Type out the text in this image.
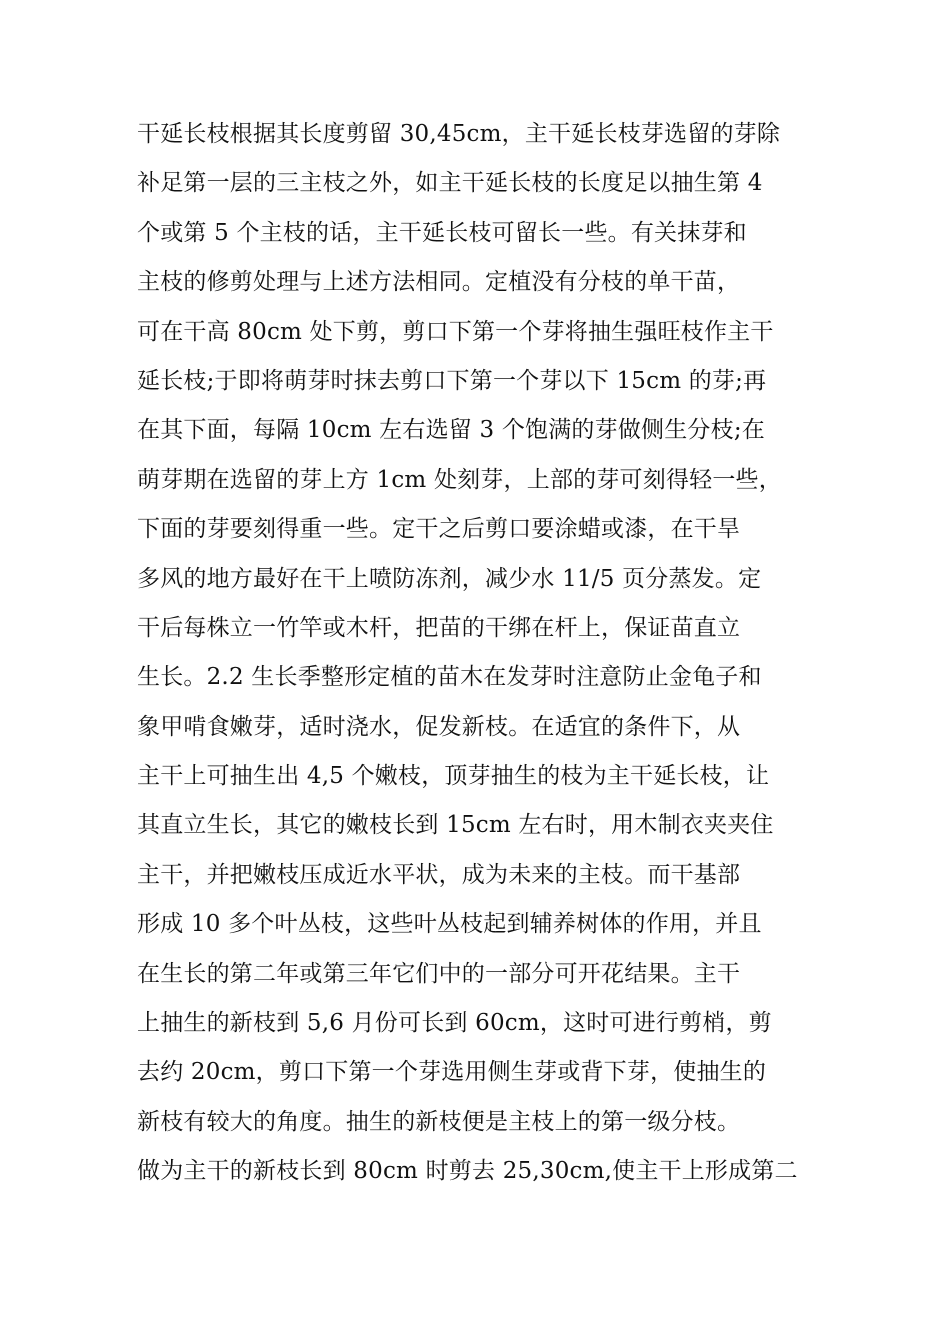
干延长枝根据其长度剪留 30,45cm，主干延长枝芽选留的芽除
补足第一层的三主枝之外，如主干延长枝的长度足以抽生第 4
个或第 5 个主枝的话，主干延长枝可留长一些。有关抹芽和
主枝的修剪处理与上述方法相同。定植没有分枝的单干苗，
可在干高 80cm 处下剪，剪口下第一个芽将抽生强旺枝作主干
延长枝;于即将萌芽时抹去剪口下第一个芽以下 15cm 的芽;再
在其下面，每隔 10cm 左右选留 3 个饱满的芽做侧生分枝;在
萌芽期在选留的芽上方 1cm 处刻芽，上部的芽可刻得轻一些，
下面的芽要刻得重一些。定干之后剪口要涂蜡或漆，在干旱
多风的地方最好在干上喷防冻剂，减少水 11/5 页分蒸发。定
干后每株立一竹竿或木杆，把苗的干绑在杆上，保证苗直立
生长。2.2 生长季整形定植的苗木在发芽时注意防止金龟子和
象甲啃食嫩芽，适时浇水，促发新枝。在适宜的条件下，从
主干上可抽生出 4,5 个嫩枝，顶芽抽生的枝为主干延长枝，让
其直立生长，其它的嫩枝长到 15cm 左右时，用木制衣夹夹住
主干，并把嫩枝压成近水平状，成为未来的主枝。而干基部
形成 10 多个叶丛枝，这些叶丛枝起到辅养树体的作用，并且
在生长的第二年或第三年它们中的一部分可开花结果。主干
上抽生的新枝到 5,6 月份可长到 60cm，这时可进行剪梢，剪
去约 20cm，剪口下第一个芽选用侧生芽或背下芽，使抽生的
新枝有较大的角度。抽生的新枝便是主枝上的第一级分枝。
做为主干的新枝长到 80cm 时剪去 25,30cm,使主干上形成第二
